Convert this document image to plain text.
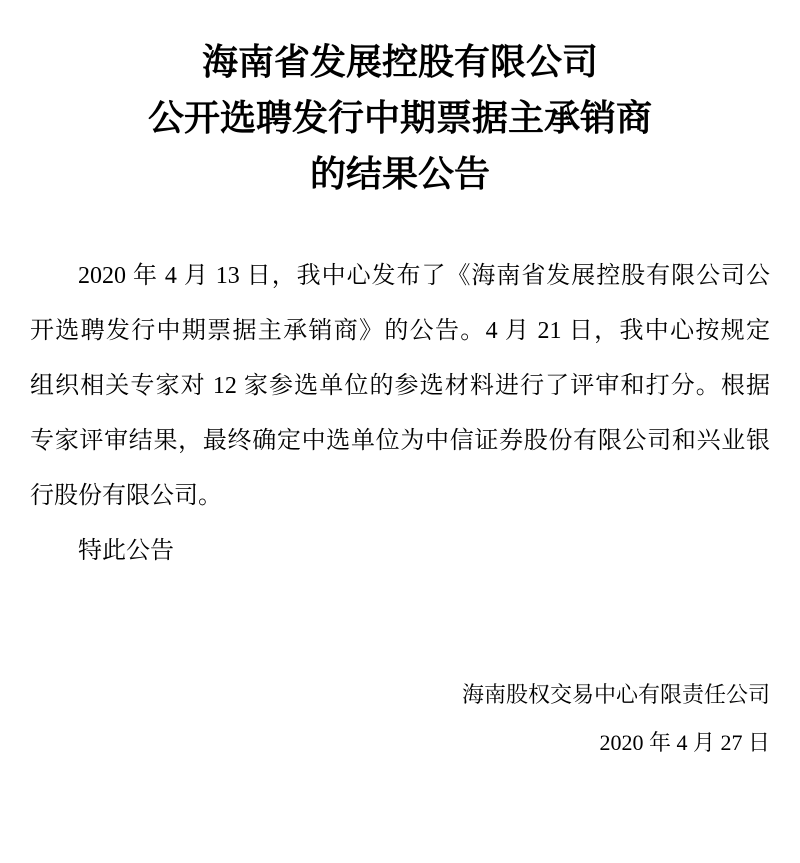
海南省发展控股有限公司
公开选聘发行中期票据主承销商
的结果公告
2020 年 4 月 13 日，我中心发布了《海南省发展控股有限公司公
开选聘发行中期票据主承销商》的公告。4 月 21 日，我中心按规定
组织相关专家对 12 家参选单位的参选材料进行了评审和打分。根据
专家评审结果，最终确定中选单位为中信证券股份有限公司和兴业银
行股份有限公司。
特此公告
海南股权交易中心有限责任公司
2020 年 4 月 27 日
